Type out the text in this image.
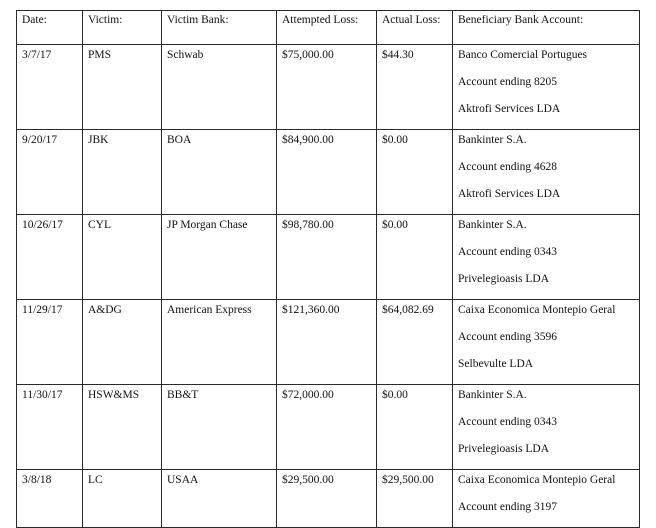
Date:	Victim:	Victim Bank:	Attempted Loss:	Actual Loss:	Beneficiary Bank Account:
3/7/17	PMS	Schwab	$75,000.00	$44.30	Banco Comercial Portugues
Account ending 8205
Aktrofi Services LDA

9/20/17	JBK	BOA	$84,900.00	$0.00	Bankinter S.A.
Account ending 4628
Aktrofi Services LDA

10/26/17	CYL	JP Morgan Chase	$98,780.00	$0.00	Bankinter S.A.
Account ending 0343
Privelegioasis LDA

11/29/17	A&DG	American Express	$121,360.00	$64,082.69	Caixa Economica Montepio Geral
Account ending 3596
Selbevulte LDA

11/30/17	HSW&MS	BB&T	$72,000.00	$0.00	Bankinter S.A.
Account ending 0343
Privelegioasis LDA

3/8/18	LC	USAA	$29,500.00	$29,500.00	Caixa Economica Montepio Geral
Account ending 3197
